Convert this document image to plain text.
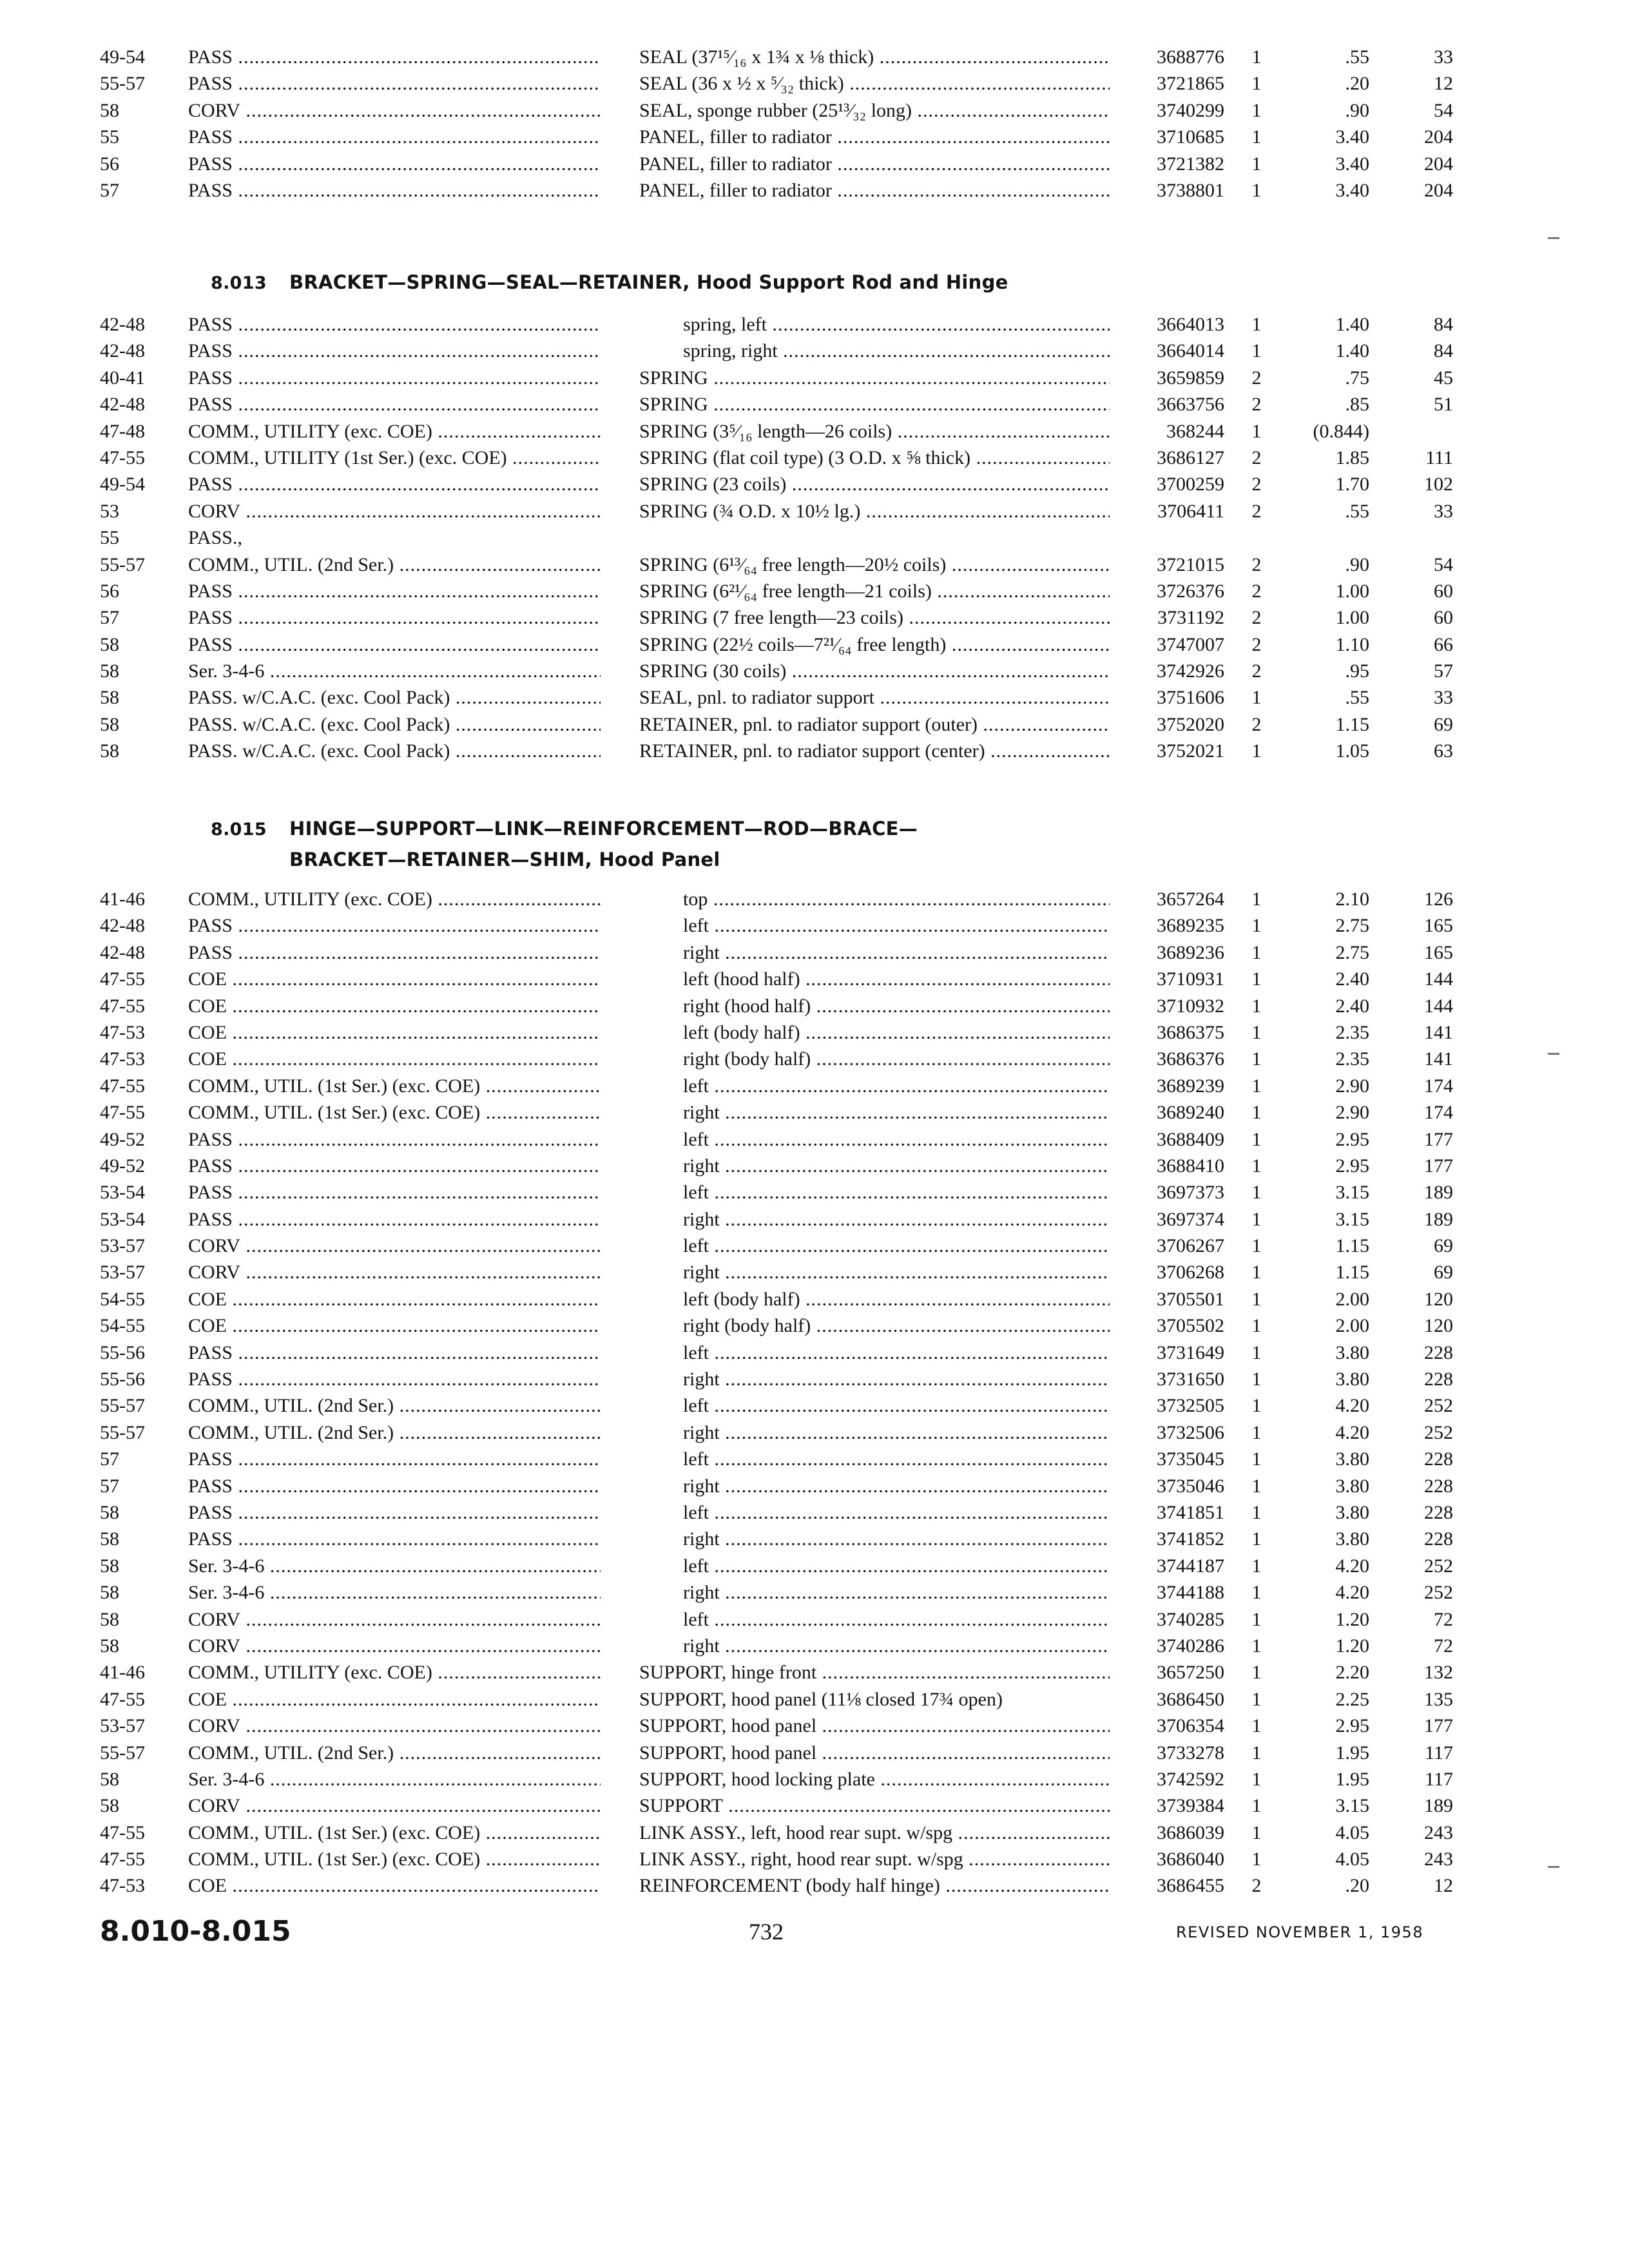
49-54	PASS .....	SEAL (37¹⁵⁄₁₆ x 1¾ x ⅛ thick) .....	3688776 1	.55	33
55-57	PASS .....	SEAL (36 x ½ x ⁵⁄₃₂ thick) .....	3721865 1	.20	12
58	CORV .....	SEAL, sponge rubber (25¹³⁄₃₂ long) .....	3740299 1	.90	54
55	PASS .....	PANEL, filler to radiator .....	3710685 1	3.40	204
56	PASS .....	PANEL, filler to radiator .....	3721382 1	3.40	204
57	PASS .....	PANEL, filler to radiator .....	3738801 1	3.40	204
8.013 BRACKET—SPRING—SEAL—RETAINER, Hood Support Rod and Hinge
42-48	PASS .....	spring, left .....	3664013 1	1.40	84
42-48	PASS .....	spring, right .....	3664014 1	1.40	84
40-41	PASS .....	SPRING .....	3659859 2	.75	45
42-48	PASS .....	SPRING .....	3663756 2	.85	51
47-48	COMM., UTILITY (exc. COE) .....	SPRING (3⁵⁄₁₆ length—26 coils) .....	368244 1	(0.844)
47-55	COMM., UTILITY (1st Ser.) (exc. COE) .....	SPRING (flat coil type) (3 O.D. x ⅝ thick) .....	3686127 2	1.85	111
49-54	PASS .....	SPRING (23 coils) .....	3700259 2	1.70	102
53	CORV .....	SPRING (¾ O.D. x 10½ lg.) .....	3706411 2	.55	33
55	PASS.,
55-57	COMM., UTIL. (2nd Ser.) .....	SPRING (6¹³⁄₆₄ free length—20½ coils) .....	3721015 2	.90	54
56	PASS .....	SPRING (6²¹⁄₆₄ free length—21 coils) .....	3726376 2	1.00	60
57	PASS .....	SPRING (7 free length—23 coils) .....	3731192 2	1.00	60
58	PASS .....	SPRING (22½ coils—7²¹⁄₆₄ free length) .....	3747007 2	1.10	66
58	Ser. 3-4-6 .....	SPRING (30 coils) .....	3742926 2	.95	57
58	PASS. w/C.A.C. (exc. Cool Pack) .....	SEAL, pnl. to radiator support .....	3751606 1	.55	33
58	PASS. w/C.A.C. (exc. Cool Pack) .....	RETAINER, pnl. to radiator support (outer) .....	3752020 2	1.15	69
58	PASS. w/C.A.C. (exc. Cool Pack) .....	RETAINER, pnl. to radiator support (center) .....	3752021 1	1.05	63
8.015 HINGE—SUPPORT—LINK—REINFORCEMENT—ROD—BRACE—
BRACKET—RETAINER—SHIM, Hood Panel
41-46	COMM., UTILITY (exc. COE) .....	top .....	3657264 1	2.10	126
42-48	PASS .....	left .....	3689235 1	2.75	165
42-48	PASS .....	right .....	3689236 1	2.75	165
47-55	COE .....	left (hood half) .....	3710931 1	2.40	144
47-55	COE .....	right (hood half) .....	3710932 1	2.40	144
47-53	COE .....	left (body half) .....	3686375 1	2.35	141
47-53	COE .....	right (body half) .....	3686376 1	2.35	141
47-55	COMM., UTIL. (1st Ser.) (exc. COE) .....	left .....	3689239 1	2.90	174
47-55	COMM., UTIL. (1st Ser.) (exc. COE) .....	right .....	3689240 1	2.90	174
49-52	PASS .....	left .....	3688409 1	2.95	177
49-52	PASS .....	right .....	3688410 1	2.95	177
53-54	PASS .....	left .....	3697373 1	3.15	189
53-54	PASS .....	right .....	3697374 1	3.15	189
53-57	CORV .....	left .....	3706267 1	1.15	69
53-57	CORV .....	right .....	3706268 1	1.15	69
54-55	COE .....	left (body half) .....	3705501 1	2.00	120
54-55	COE .....	right (body half) .....	3705502 1	2.00	120
55-56	PASS .....	left .....	3731649 1	3.80	228
55-56	PASS .....	right .....	3731650 1	3.80	228
55-57	COMM., UTIL. (2nd Ser.) .....	left .....	3732505 1	4.20	252
55-57	COMM., UTIL. (2nd Ser.) .....	right .....	3732506 1	4.20	252
57	PASS .....	left .....	3735045 1	3.80	228
57	PASS .....	right .....	3735046 1	3.80	228
58	PASS .....	left .....	3741851 1	3.80	228
58	PASS .....	right .....	3741852 1	3.80	228
58	Ser. 3-4-6 .....	left .....	3744187 1	4.20	252
58	Ser. 3-4-6 .....	right .....	3744188 1	4.20	252
58	CORV .....	left .....	3740285 1	1.20	72
58	CORV .....	right .....	3740286 1	1.20	72
41-46	COMM., UTILITY (exc. COE) .....	SUPPORT, hinge front .....	3657250 1	2.20	132
47-55	COE .....	SUPPORT, hood panel (11⅛ closed 17¾ open)	3686450 1	2.25	135
53-57	CORV .....	SUPPORT, hood panel .....	3706354 1	2.95	177
55-57	COMM., UTIL. (2nd Ser.) .....	SUPPORT, hood panel .....	3733278 1	1.95	117
58	Ser. 3-4-6 .....	SUPPORT, hood locking plate .....	3742592 1	1.95	117
58	CORV .....	SUPPORT .....	3739384 1	3.15	189
47-55	COMM., UTIL. (1st Ser.) (exc. COE) .....	LINK ASSY., left, hood rear supt. w/spg .....	3686039 1	4.05	243
47-55	COMM., UTIL. (1st Ser.) (exc. COE) .....	LINK ASSY., right, hood rear supt. w/spg .....	3686040 1	4.05	243
47-53	COE .....	REINFORCEMENT (body half hinge) .....	3686455 2	.20	12
8.010-8.015	732	REVISED NOVEMBER 1, 1958
